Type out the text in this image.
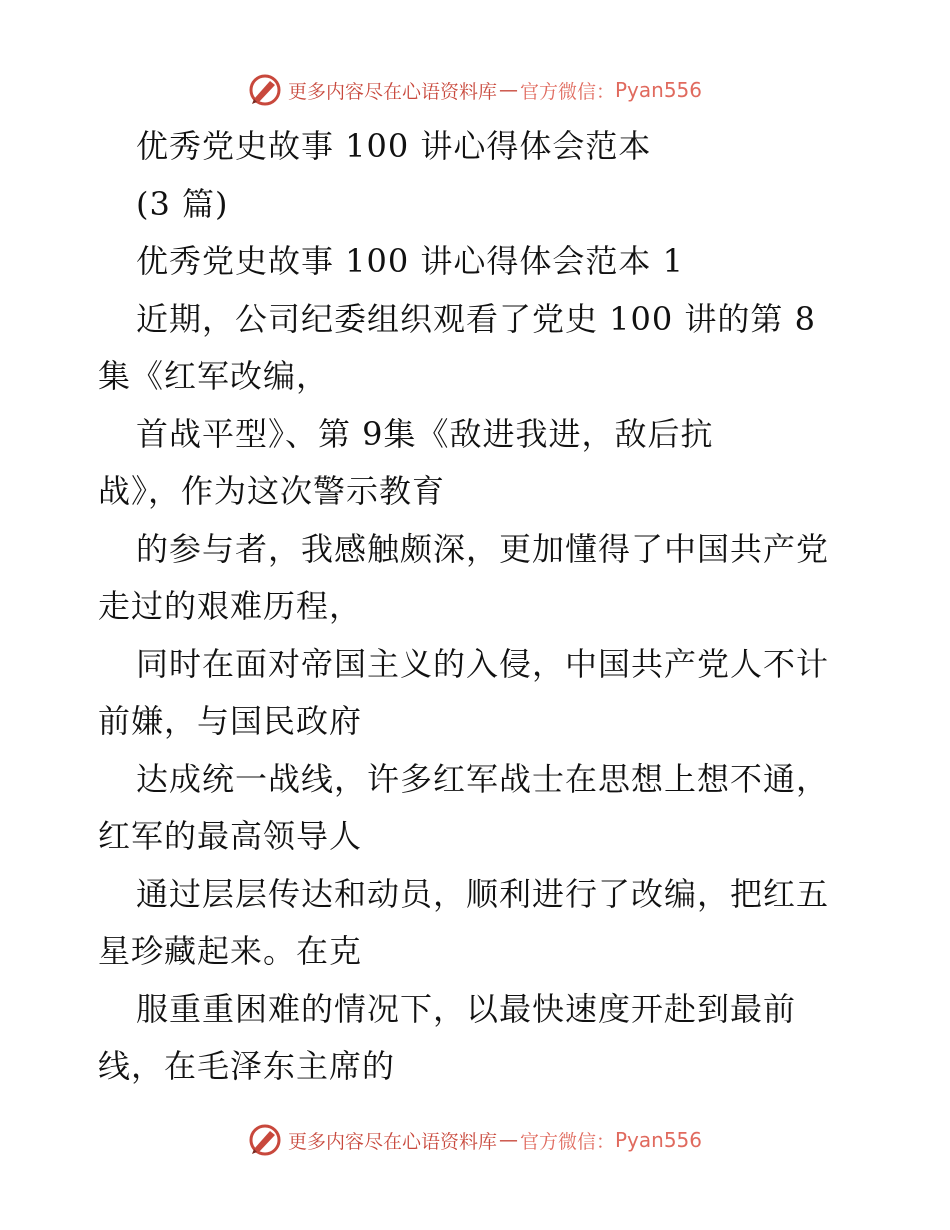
更多内容尽在心语资料库 — 官方微信： Pyan556
优秀党史故事 100 讲心得体会范本
(3 篇)
优秀党史故事 100 讲心得体会范本 1
近期，公司纪委组织观看了党史 100 讲的第 8
集《红军改编，
首战平型》、第 9集《敌进我进，敌后抗
战》，作为这次警示教育
的参与者，我感触颇深，更加懂得了中国共产党
走过的艰难历程，
同时在面对帝国主义的入侵，中国共产党人不计
前嫌，与国民政府
达成统一战线，许多红军战士在思想上想不通，
红军的最高领导人
通过层层传达和动员，顺利进行了改编，把红五
星珍藏起来。在克
服重重困难的情况下，以最快速度开赴到最前
线，在毛泽东主席的
更多内容尽在心语资料库 — 官方微信： Pyan556
